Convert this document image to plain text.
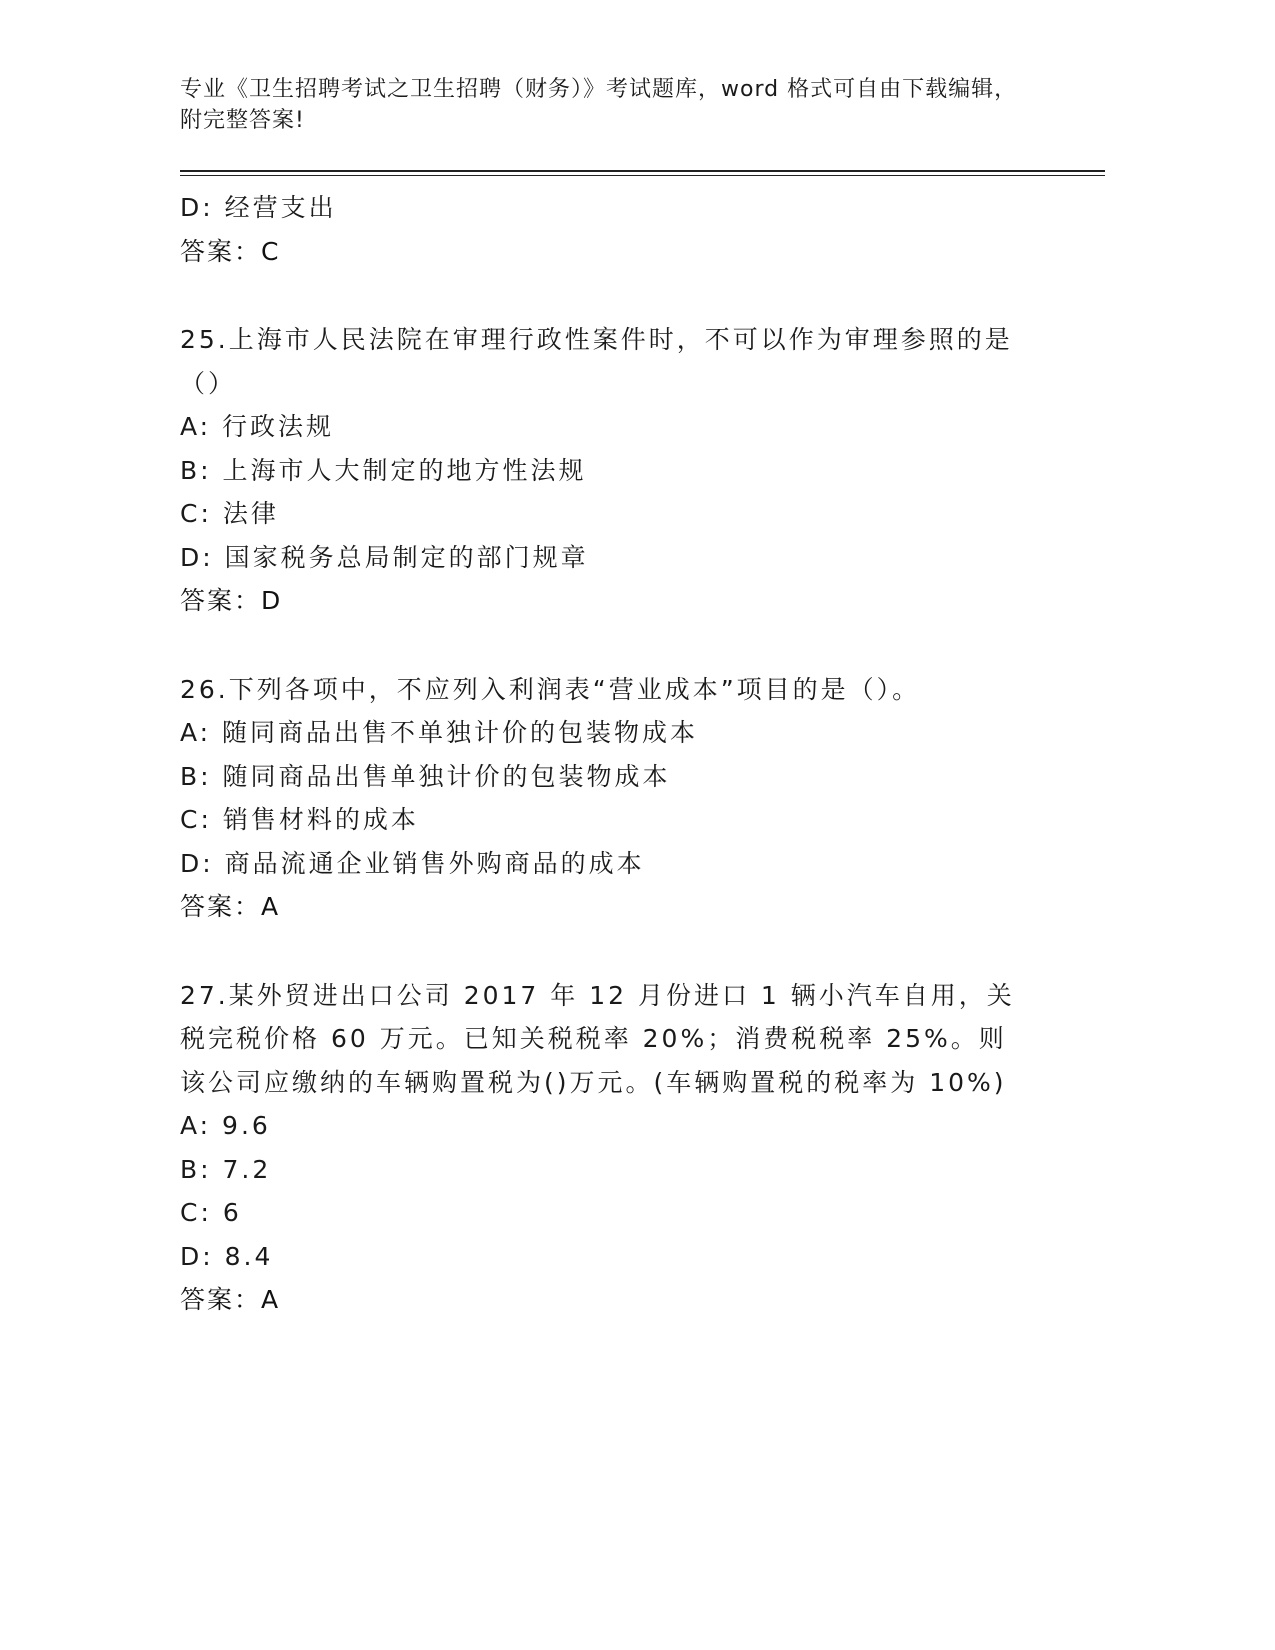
专业《卫生招聘考试之卫生招聘（财务）》考试题库，word 格式可自由下载编辑，附完整答案!
D: 经营支出
答案：C
25.上海市人民法院在审理行政性案件时，不可以作为审理参照的是（）
A: 行政法规
B: 上海市人大制定的地方性法规
C: 法律
D: 国家税务总局制定的部门规章
答案：D
26.下列各项中，不应列入利润表“营业成本”项目的是（）。
A: 随同商品出售不单独计价的包装物成本
B: 随同商品出售单独计价的包装物成本
C: 销售材料的成本
D: 商品流通企业销售外购商品的成本
答案：A
27.某外贸进出口公司 2017 年 12 月份进口 1 辆小汽车自用，关税完税价格 60 万元。已知关税税率 20%；消费税税率 25%。则该公司应缴纳的车辆购置税为()万元。(车辆购置税的税率为 10%)
A: 9.6
B: 7.2
C: 6
D: 8.4
答案：A
